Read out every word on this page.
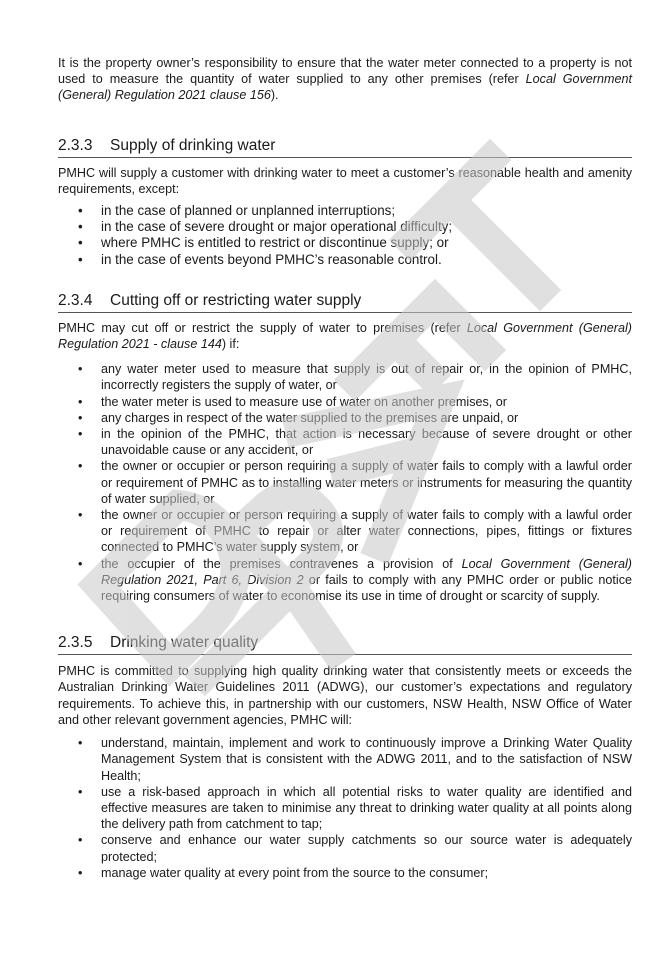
It is the property owner’s responsibility to ensure that the water meter connected to a property is not used to measure the quantity of water supplied to any other premises (refer Local Government (General) Regulation 2021 clause 156).

2.3.3	Supply of drinking water

PMHC will supply a customer with drinking water to meet a customer’s reasonable health and amenity requirements, except:

• in the case of planned or unplanned interruptions;
• in the case of severe drought or major operational difficulty;
• where PMHC is entitled to restrict or discontinue supply; or
• in the case of events beyond PMHC’s reasonable control.
2.3.4	Cutting off or restricting water supply

PMHC may cut off or restrict the supply of water to premises (refer Local Government (General) Regulation 2021 - clause 144) if:

• any water meter used to measure that supply is out of repair or, in the opinion of PMHC, incorrectly registers the supply of water, or
• the water meter is used to measure use of water on another premises, or
• any charges in respect of the water supplied to the premises are unpaid, or
• in the opinion of the PMHC, that action is necessary because of severe drought or other unavoidable cause or any accident, or
• the owner or occupier or person requiring a supply of water fails to comply with a lawful order or requirement of PMHC as to installing water meters or instruments for measuring the quantity of water supplied, or
• the owner or occupier or person requiring a supply of water fails to comply with a lawful order or requirement of PMHC to repair or alter water connections, pipes, fittings or fixtures connected to PMHC’s water supply system, or
• the occupier of the premises contravenes a provision of Local Government (General) Regulation 2021, Part 6, Division 2 or fails to comply with any PMHC order or public notice requiring consumers of water to economise its use in time of drought or scarcity of supply.
2.3.5	Drinking water quality

PMHC is committed to supplying high quality drinking water that consistently meets or exceeds the Australian Drinking Water Guidelines 2011 (ADWG), our customer’s expectations and regulatory requirements. To achieve this, in partnership with our customers, NSW Health, NSW Office of Water and other relevant government agencies, PMHC will:

• understand, maintain, implement and work to continuously improve a Drinking Water Quality Management System that is consistent with the ADWG 2011, and to the satisfaction of NSW Health;
• use a risk-based approach in which all potential risks to water quality are identified and effective measures are taken to minimise any threat to drinking water quality at all points along the delivery path from catchment to tap;
• conserve and enhance our water supply catchments so our source water is adequately protected;
• manage water quality at every point from the source to the consumer;
